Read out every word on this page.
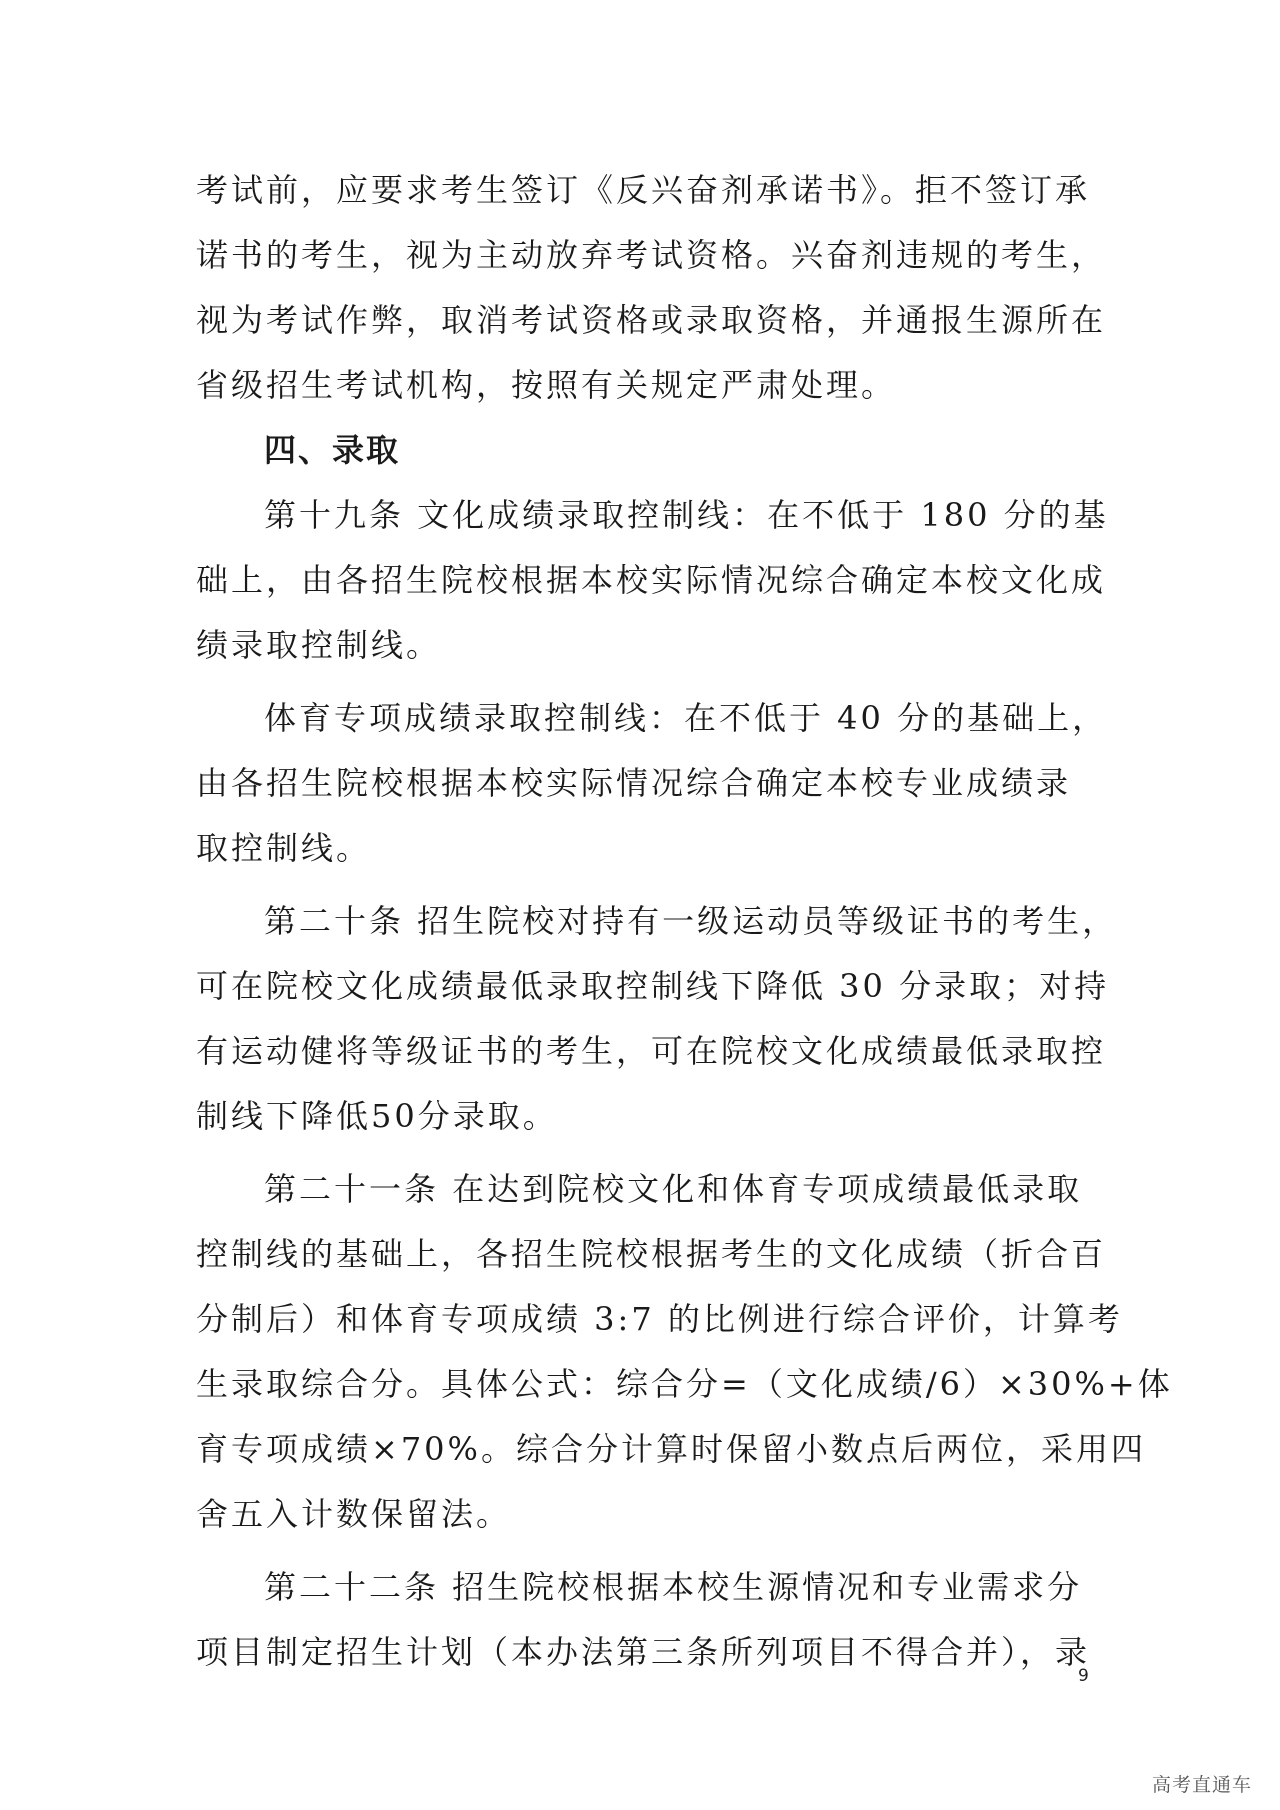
考试前，应要求考生签订《反兴奋剂承诺书》。拒不签订承
诺书的考生，视为主动放弃考试资格。兴奋剂违规的考生，
视为考试作弊，取消考试资格或录取资格，并通报生源所在
省级招生考试机构，按照有关规定严肃处理。
四、录取
第十九条 文化成绩录取控制线：在不低于 180 分的基
础上，由各招生院校根据本校实际情况综合确定本校文化成
绩录取控制线。
体育专项成绩录取控制线：在不低于 40 分的基础上，
由各招生院校根据本校实际情况综合确定本校专业成绩录
取控制线。
第二十条 招生院校对持有一级运动员等级证书的考生，
可在院校文化成绩最低录取控制线下降低 30 分录取；对持
有运动健将等级证书的考生，可在院校文化成绩最低录取控
制线下降低50分录取。
第二十一条 在达到院校文化和体育专项成绩最低录取
控制线的基础上，各招生院校根据考生的文化成绩（折合百
分制后）和体育专项成绩 3:7 的比例进行综合评价，计算考
生录取综合分。具体公式：综合分=（文化成绩/6）×30%+体
育专项成绩×70%。综合分计算时保留小数点后两位，采用四
舍五入计数保留法。
第二十二条 招生院校根据本校生源情况和专业需求分
项目制定招生计划（本办法第三条所列项目不得合并），录
9
高考直通车
